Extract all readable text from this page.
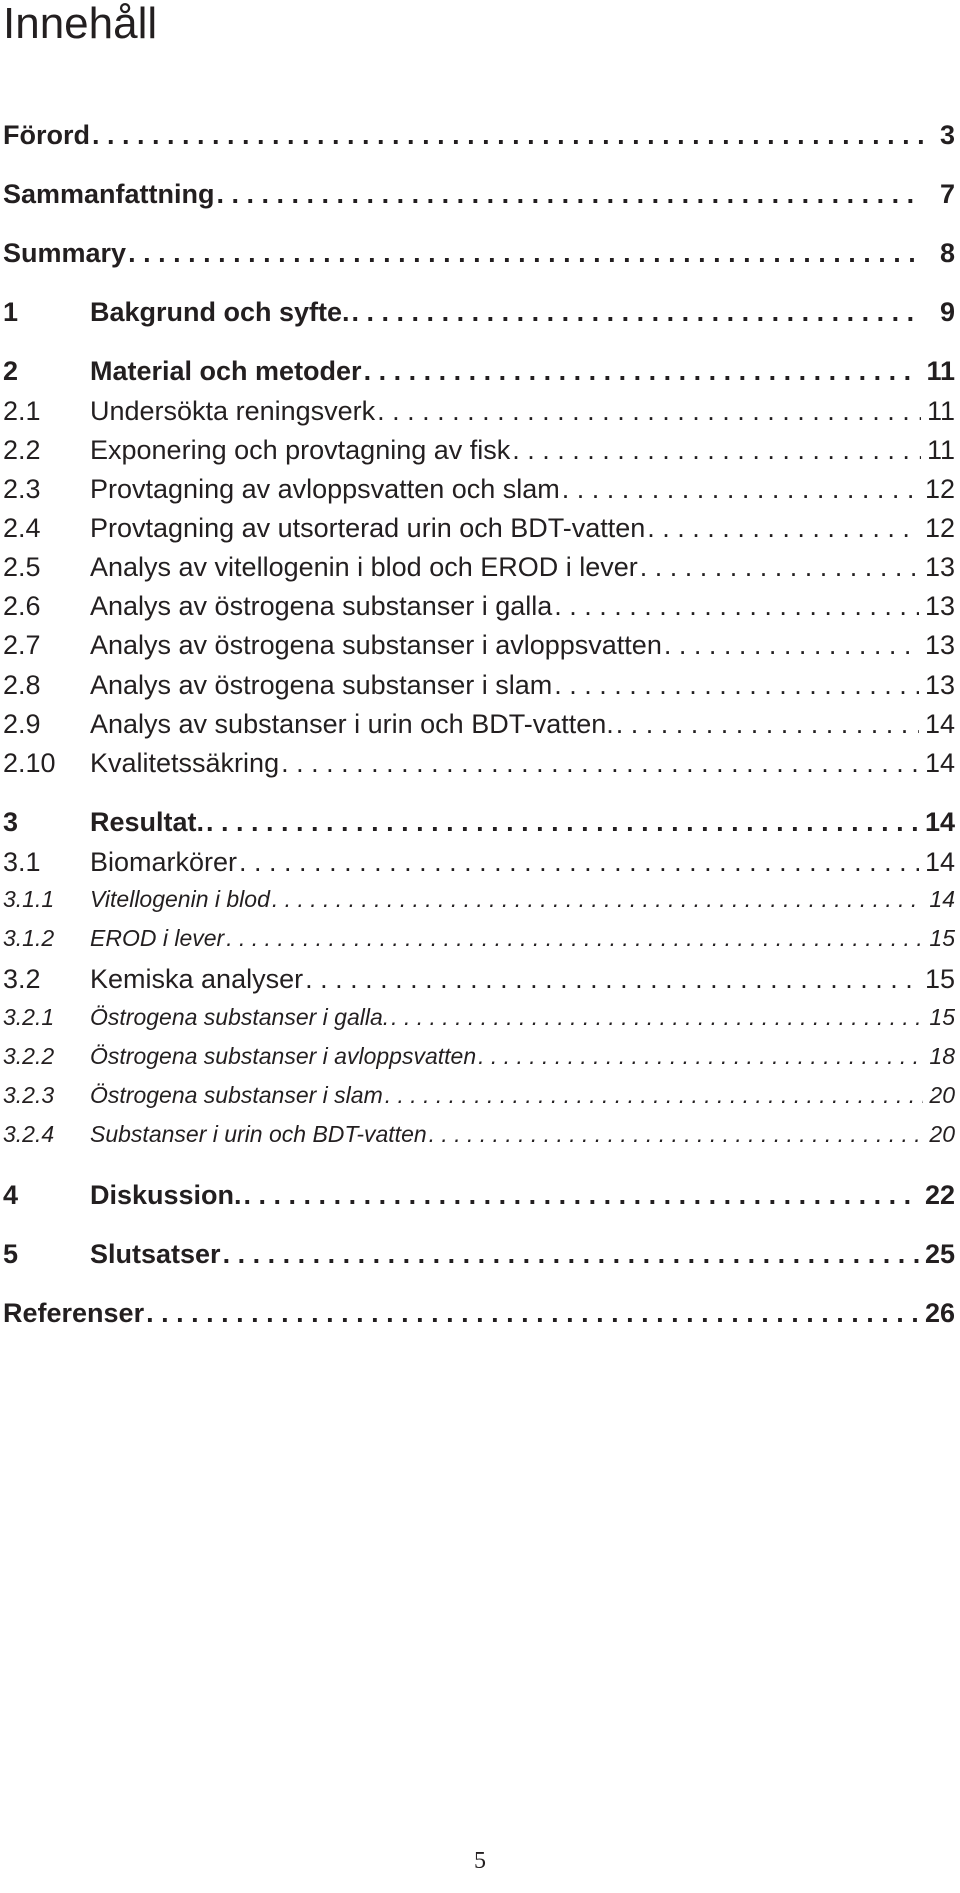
Innehåll
Förord . . .	3
Sammanfattning . . .	7
Summary . . .	8
1	Bakgrund och syfte. . . .	9
2	Material och metoder . . .	11
2.1	Undersökta reningsverk . . .	11
2.2	Exponering och provtagning av fisk . . .	11
2.3	Provtagning av avloppsvatten och slam . . .	12
2.4	Provtagning av utsorterad urin och BDT-vatten . . .	12
2.5	Analys av vitellogenin i blod och EROD i lever . . .	13
2.6	Analys av östrogena substanser i galla . . .	13
2.7	Analys av östrogena substanser i avloppsvatten . . .	13
2.8	Analys av östrogena substanser i slam . . .	13
2.9	Analys av substanser i urin och BDT-vatten. . . .	14
2.10	Kvalitetssäkring . . .	14
3	Resultat. . . .	14
3.1	Biomarkörer . . .	14
3.1.1	Vitellogenin i blod . . .	14
3.1.2	EROD i lever . . .	15
3.2	Kemiska analyser . . .	15
3.2.1	Östrogena substanser i galla. . . .	15
3.2.2	Östrogena substanser i avloppsvatten . . .	18
3.2.3	Östrogena substanser i slam . . .	20
3.2.4	Substanser i urin och BDT-vatten . . .	20
4	Diskussion. . . .	22
5	Slutsatser . . .	25
Referenser . . .	26
5
